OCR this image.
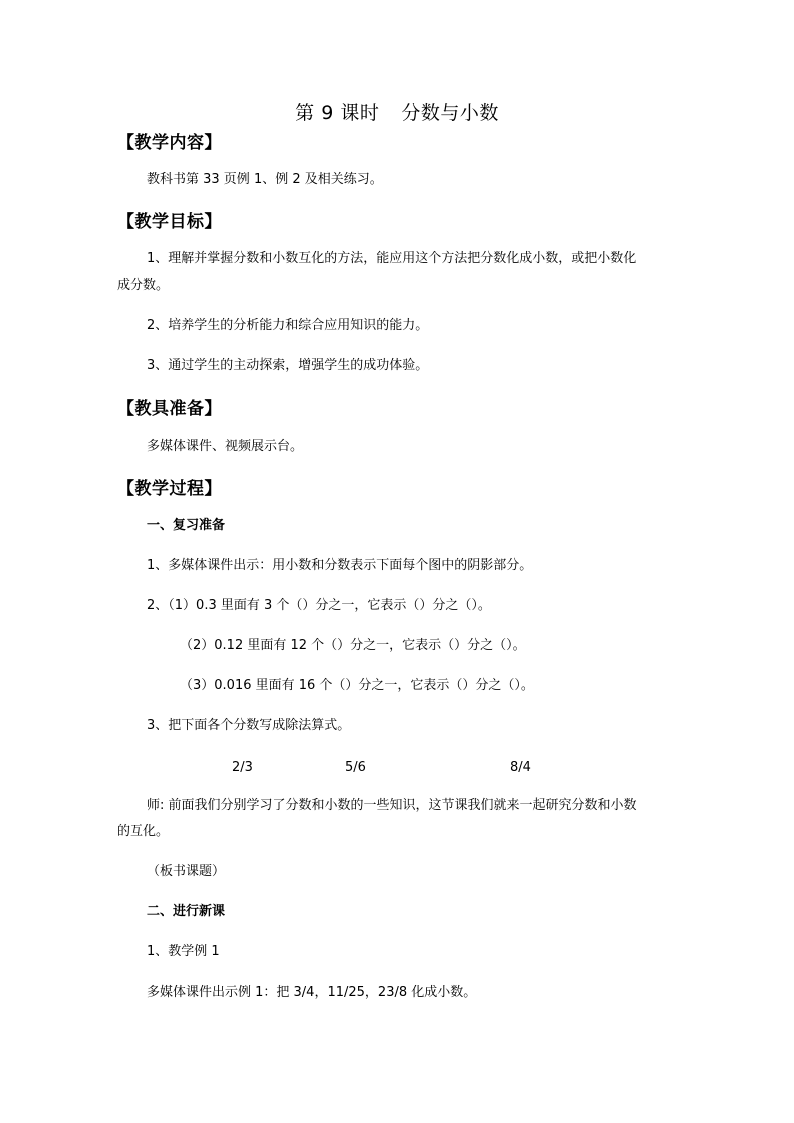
第 9 课时 分数与小数
【教学内容】
教科书第 33 页例 1、例 2 及相关练习。
【教学目标】
1、理解并掌握分数和小数互化的方法，能应用这个方法把分数化成小数，或把小数化
成分数。
2、培养学生的分析能力和综合应用知识的能力。
3、通过学生的主动探索，增强学生的成功体验。
【教具准备】
多媒体课件、视频展示台。
【教学过程】
一、复习准备
1、多媒体课件出示：用小数和分数表示下面每个图中的阴影部分。
2、（1）0.3 里面有 3 个（）分之一，它表示（）分之（）。
（2）0.12 里面有 12 个（）分之一，它表示（）分之（）。
（3）0.016 里面有 16 个（）分之一，它表示（）分之（）。
3、把下面各个分数写成除法算式。
2/3	5/6	8/4
师: 前面我们分别学习了分数和小数的一些知识，这节课我们就来一起研究分数和小数
的互化。
（板书课题）
二、进行新课
1、教学例 1
多媒体课件出示例 1：把 3/4，11/25，23/8 化成小数。
